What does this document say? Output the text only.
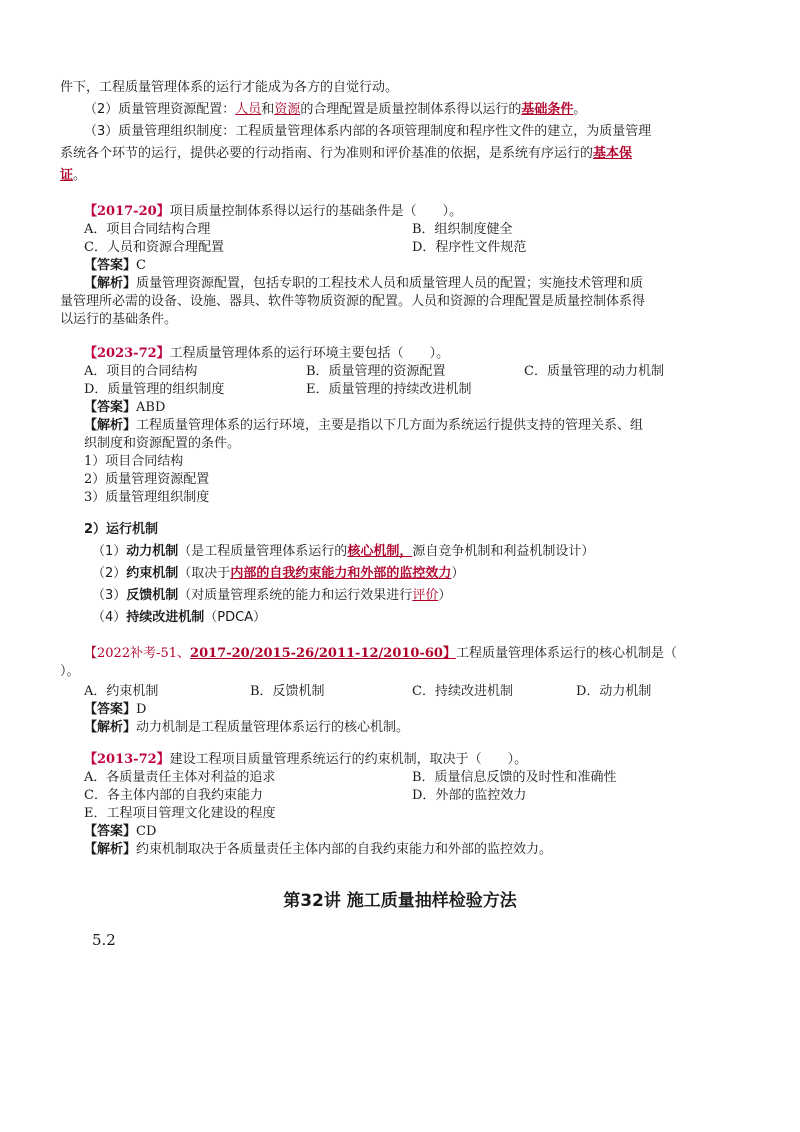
件下，工程质量管理体系的运行才能成为各方的自觉行动。
（2）质量管理资源配置：人员和资源的合理配置是质量控制体系得以运行的基础条件。
（3）质量管理组织制度：工程质量管理体系内部的各项管理制度和程序性文件的建立，为质量管理
系统各个环节的运行，提供必要的行动指南、行为准则和评价基准的依据，是系统有序运行的基本保
证。
【2017-20】项目质量控制体系得以运行的基础条件是（　　）。
A．项目合同结构合理	B．组织制度健全
C．人员和资源合理配置	D．程序性文件规范
【答案】C
【解析】质量管理资源配置，包括专职的工程技术人员和质量管理人员的配置；实施技术管理和质
量管理所必需的设备、设施、器具、软件等物质资源的配置。人员和资源的合理配置是质量控制体系得
以运行的基础条件。
【2023-72】工程质量管理体系的运行环境主要包括（　　）。
A．项目的合同结构	B．质量管理的资源配置	C．质量管理的动力机制
D．质量管理的组织制度	E．质量管理的持续改进机制
【答案】ABD
【解析】工程质量管理体系的运行环境，主要是指以下几方面为系统运行提供支持的管理关系、组
织制度和资源配置的条件。
1）项目合同结构
2）质量管理资源配置
3）质量管理组织制度
2）运行机制
（1）动力机制（是工程质量管理体系运行的核心机制，源自竞争机制和利益机制设计）
（2）约束机制（取决于内部的自我约束能力和外部的监控效力）
（3）反馈机制（对质量管理系统的能力和运行效果进行评价）
（4）持续改进机制（PDCA）
【2022补考-51、2017-20/2015-26/2011-12/2010-60】工程质量管理体系运行的核心机制是（
）。
A．约束机制	B．反馈机制	C．持续改进机制	D．动力机制
【答案】D
【解析】动力机制是工程质量管理体系运行的核心机制。
【2013-72】建设工程项目质量管理系统运行的约束机制，取决于（　　）。
A．各质量责任主体对利益的追求	B．质量信息反馈的及时性和准确性
C．各主体内部的自我约束能力	D．外部的监控效力
E．工程项目管理文化建设的程度
【答案】CD
【解析】约束机制取决于各质量责任主体内部的自我约束能力和外部的监控效力。
第32讲 施工质量抽样检验方法
5.2
